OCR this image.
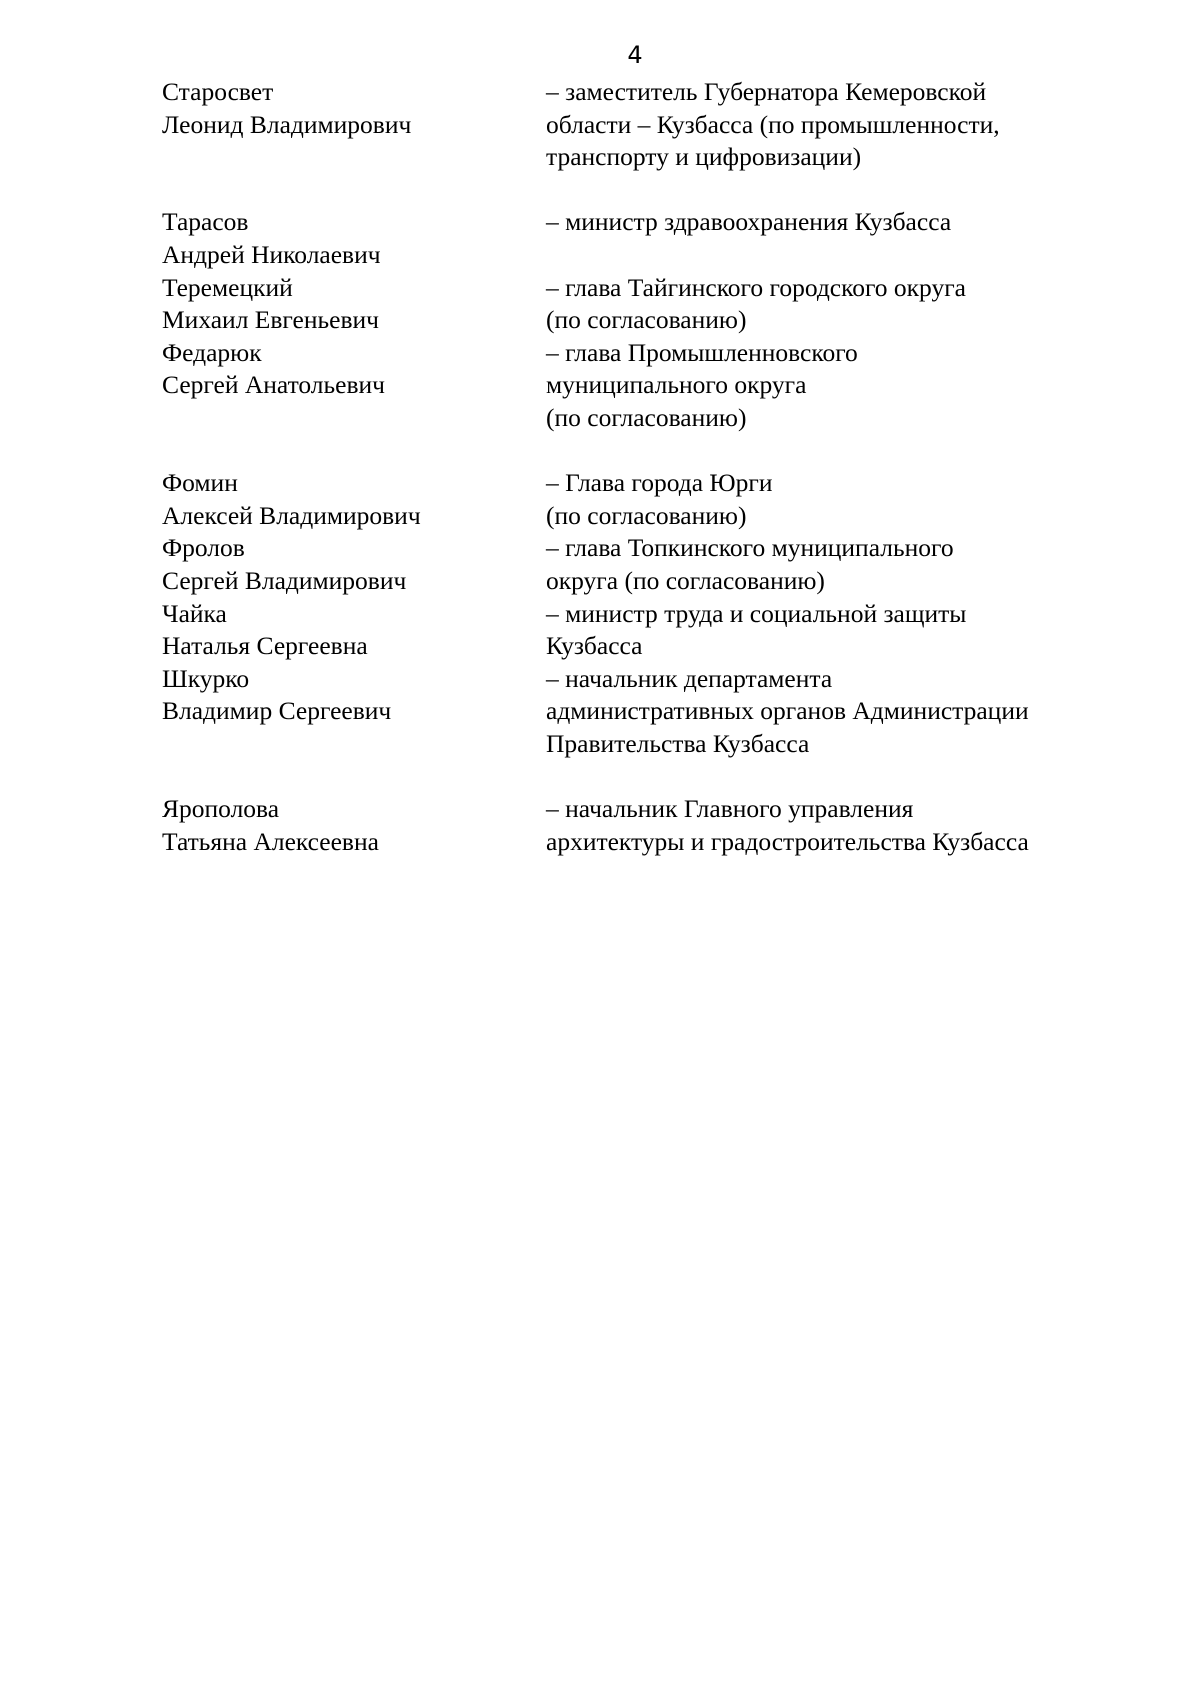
4
Старосвет
Леонид Владимирович
– заместитель Губернатора Кемеровской
области – Кузбасса (по промышленности,
транспорту и цифровизации)
Тарасов
Андрей Николаевич
– министр здравоохранения Кузбасса
Теремецкий
Михаил Евгеньевич
– глава Тайгинского городского округа
(по согласованию)
Федарюк
Сергей Анатольевич
– глава Промышленновского
муниципального округа
(по согласованию)
Фомин
Алексей Владимирович
– Глава города Юрги
(по согласованию)
Фролов
Сергей Владимирович
– глава Топкинского муниципального
округа (по согласованию)
Чайка
Наталья Сергеевна
– министр труда и социальной защиты
Кузбасса
Шкурко
Владимир Сергеевич
– начальник департамента
административных органов Администрации
Правительства Кузбасса
Ярополова
Татьяна Алексеевна
– начальник Главного управления
архитектуры и градостроительства Кузбасса
